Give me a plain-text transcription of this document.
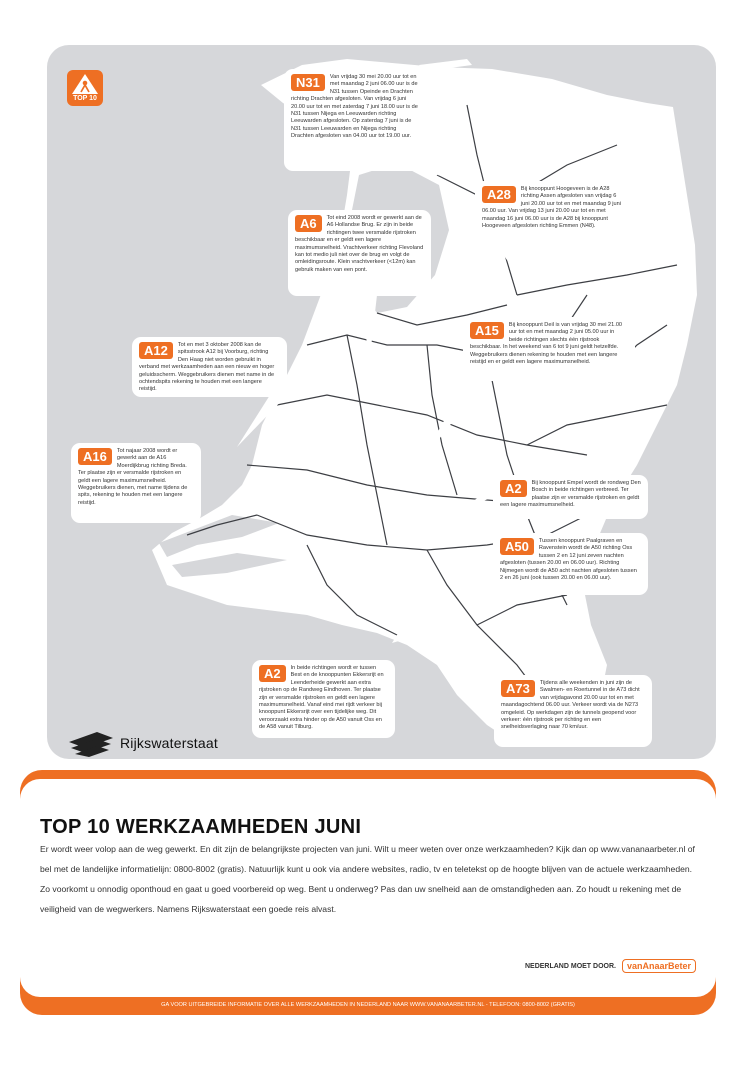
TOP 10
N31	Van vrijdag 30 mei 20.00 uur tot en met maandag 2 juni 06.00 uur is de N31 tussen Opeinde en Drachten richting Drachten afgesloten. Van vrijdag 6 juni 20.00 uur tot en met zaterdag 7 juni 18.00 uur is de N31 tussen Nijega en Leeuwarden richting Leeuwarden afgesloten. Op zaterdag 7 juni is de N31 tussen Leeuwarden en Nijega richting Drachten afgesloten van 04.00 uur tot 19.00 uur.
A28	Bij knooppunt Hoogeveen is de A28 richting Assen afgesloten van vrijdag 6 juni 20.00 uur tot en met maandag 9 juni 06.00 uur. Van vrijdag 13 juni 20.00 uur tot en met maandag 16 juni 06.00 uur is de A28 bij knooppunt Hoogeveen afgesloten richting Emmen (N48).
A6	Tot eind 2008 wordt er gewerkt aan de A6 Hollandse Brug. Er zijn in beide richtingen twee versmalde rijstroken beschikbaar en er geldt een lagere maximumsnelheid. Vrachtverkeer richting Flevoland kan tot medio juli niet over de brug en volgt de omleidingsroute. Klein vrachtverkeer (<12m) kan gebruik maken van een pont.
A15	Bij knooppunt Deil is van vrijdag 30 mei 21.00 uur tot en met maandag 2 juni 05.00 uur in beide richtingen slechts één rijstrook beschikbaar. In het weekend van 6 tot 9 juni geldt hetzelfde. Weggebruikers dienen rekening te houden met een langere reistijd en er geldt een lagere maximumsnelheid.
A12	Tot en met 3 oktober 2008 kan de spitsstrook A12 bij Voorburg, richting Den Haag niet worden gebruikt in verband met werkzaamheden aan een nieuw en hoger geluidsscherm. Weggebruikers dienen met name in de ochtendspits rekening te houden met een langere reistijd.
A16	Tot najaar 2008 wordt er gewerkt aan de A16 Moerdijkbrug richting Breda. Ter plaatse zijn er versmalde rijstroken en geldt een lagere maximumsnelheid. Weggebruikers dienen, met name tijdens de spits, rekening te houden met een langere reistijd.
A2	Bij knooppunt Empel wordt de rondweg Den Bosch in beide richtingen verbreed. Ter plaatse zijn er versmalde rijstroken en geldt een lagere maximumsnelheid.
A50	Tussen knooppunt Paalgraven en Ravenstein wordt de A50 richting Oss tussen 2 en 12 juni zeven nachten afgesloten (tussen 20.00 en 06.00 uur). Richting Nijmegen wordt de A50 acht nachten afgesloten tussen 2 en 26 juni (ook tussen 20.00 en 06.00 uur).
A2	In beide richtingen wordt er tussen Best en de knooppunten Ekkersrijt en Leenderheide gewerkt aan extra rijstroken op de Randweg Eindhoven. Ter plaatse zijn er versmalde rijstroken en geldt een lagere maximumsnelheid. Vanaf eind mei rijdt verkeer bij knooppunt Ekkersrijt over een tijdelijke weg. Dit veroorzaakt extra hinder op de A50 vanuit Oss en de A58 vanuit Tilburg.
A73	Tijdens alle weekenden in juni zijn de Swalmen- en Roertunnel in de A73 dicht van vrijdagavond 20.00 uur tot en met maandagochtend 06.00 uur. Verkeer wordt via de N273 omgeleid. Op werkdagen zijn de tunnels geopend voor verkeer: één rijstrook per richting en een snelheidsverlaging naar 70 km/uur.
Rijkswaterstaat
TOP 10 WERKZAAMHEDEN JUNI
Er wordt weer volop aan de weg gewerkt. En dit zijn de belangrijkste projecten van juni. Wilt u meer weten over onze werkzaamheden? Kijk dan op www.vananaarbeter.nl of bel met de landelijke informatielijn: 0800-8002 (gratis). Natuurlijk kunt u ook via andere websites, radio, tv en teletekst op de hoogte blijven van de actuele werkzaamheden. Zo voorkomt u onnodig oponthoud en gaat u goed voorbereid op weg. Bent u onderweg? Pas dan uw snelheid aan de omstandigheden aan. Zo houdt u rekening met de veiligheid van de wegwerkers. Namens Rijkswaterstaat een goede reis alvast.
NEDERLAND MOET DOOR.	vanAnaarBeter
GA VOOR UITGEBREIDE INFORMATIE OVER ALLE WERKZAAMHEDEN IN NEDERLAND NAAR WWW.VANANAARBETER.NL - TELEFOON: 0800-8002 (GRATIS)
